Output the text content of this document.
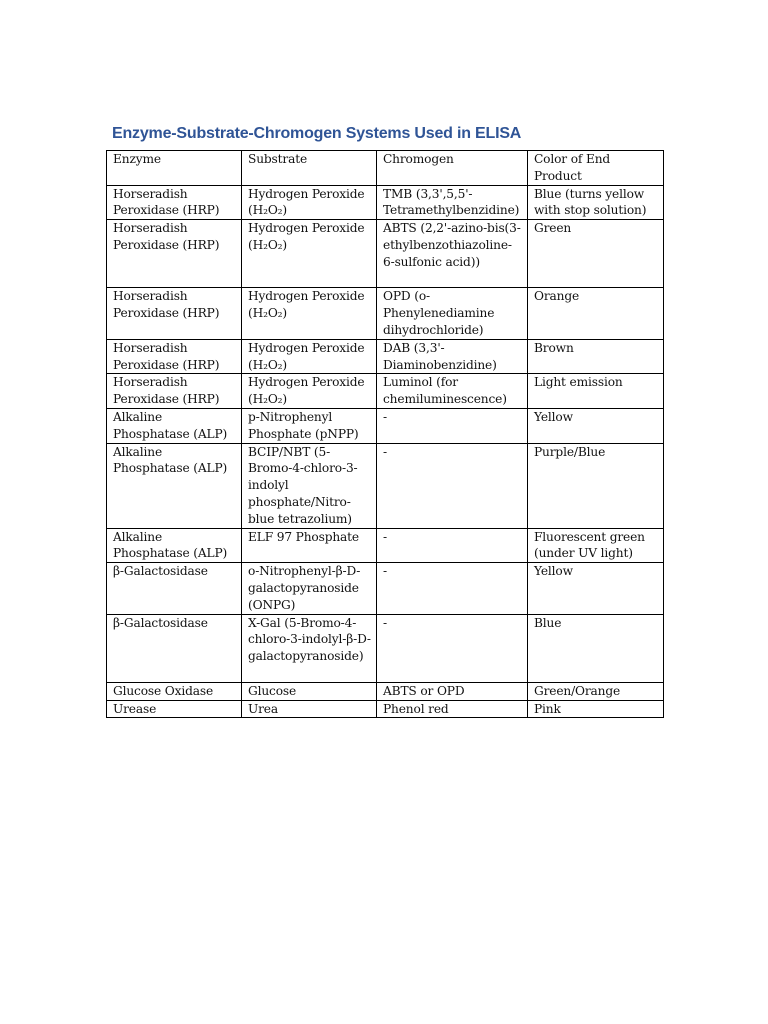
Enzyme-Substrate-Chromogen Systems Used in ELISA
Enzyme	Substrate	Chromogen	Color of End Product
Horseradish Peroxidase (HRP)	Hydrogen Peroxide (H₂O₂)	TMB (3,3',5,5'-Tetramethylbenzidine)	Blue (turns yellow with stop solution)
Horseradish Peroxidase (HRP)	Hydrogen Peroxide (H₂O₂)	ABTS (2,2'-azino-bis(3-ethylbenzothiazoline-6-sulfonic acid))	Green
Horseradish Peroxidase (HRP)	Hydrogen Peroxide (H₂O₂)	OPD (o-Phenylenediamine dihydrochloride)	Orange
Horseradish Peroxidase (HRP)	Hydrogen Peroxide (H₂O₂)	DAB (3,3'-Diaminobenzidine)	Brown
Horseradish Peroxidase (HRP)	Hydrogen Peroxide (H₂O₂)	Luminol (for chemiluminescence)	Light emission
Alkaline Phosphatase (ALP)	p-Nitrophenyl Phosphate (pNPP)	-	Yellow
Alkaline Phosphatase (ALP)	BCIP/NBT (5-Bromo-4-chloro-3-indolyl phosphate/Nitro-blue tetrazolium)	-	Purple/Blue
Alkaline Phosphatase (ALP)	ELF 97 Phosphate	-	Fluorescent green (under UV light)
β-Galactosidase	o-Nitrophenyl-β-D-galactopyranoside (ONPG)	-	Yellow
β-Galactosidase	X-Gal (5-Bromo-4-chloro-3-indolyl-β-D-galactopyranoside)	-	Blue
Glucose Oxidase	Glucose	ABTS or OPD	Green/Orange
Urease	Urea	Phenol red	Pink
